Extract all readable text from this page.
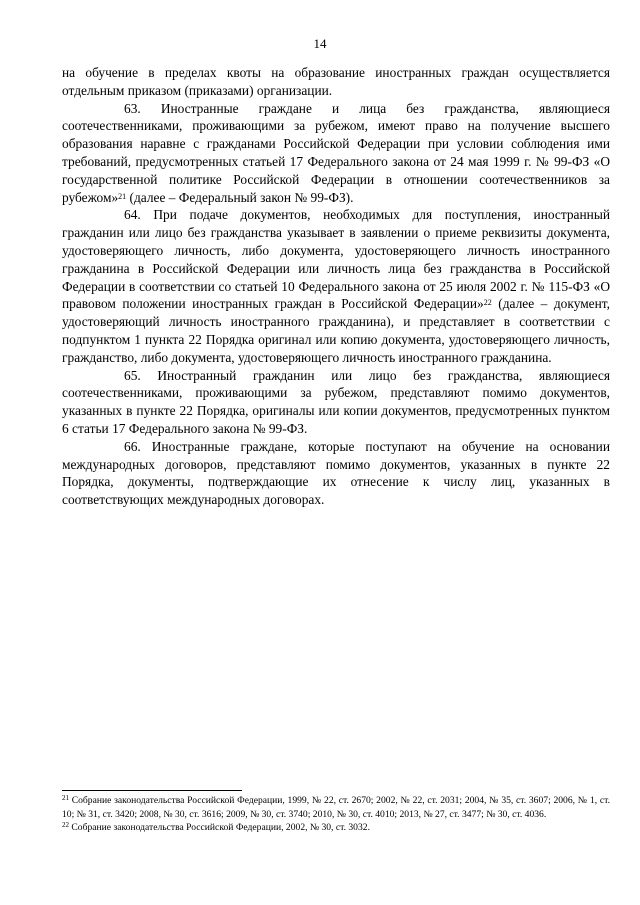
14

на обучение в пределах квоты на образование иностранных граждан осуществляется отдельным приказом (приказами) организации.

63. Иностранные граждане и лица без гражданства, являющиеся соотечественниками, проживающими за рубежом, имеют право на получение высшего образования наравне с гражданами Российской Федерации при условии соблюдения ими требований, предусмотренных статьей 17 Федерального закона от 24 мая 1999 г. № 99-ФЗ «О государственной политике Российской Федерации в отношении соотечественников за рубежом»$^{21}$ (далее – Федеральный закон № 99-ФЗ).

64. При подаче документов, необходимых для поступления, иностранный гражданин или лицо без гражданства указывает в заявлении о приеме реквизиты документа, удостоверяющего личность, либо документа, удостоверяющего личность иностранного гражданина в Российской Федерации или личность лица без гражданства в Российской Федерации в соответствии со статьей 10 Федерального закона от 25 июля 2002 г. № 115-ФЗ «О правовом положении иностранных граждан в Российской Федерации»$^{22}$ (далее – документ, удостоверяющий личность иностранного гражданина), и представляет в соответствии с подпунктом 1 пункта 22 Порядка оригинал или копию документа, удостоверяющего личность, гражданство, либо документа, удостоверяющего личность иностранного гражданина.

65. Иностранный гражданин или лицо без гражданства, являющиеся соотечественниками, проживающими за рубежом, представляют помимо документов, указанных в пункте 22 Порядка, оригиналы или копии документов, предусмотренных пунктом 6 статьи 17 Федерального закона № 99-ФЗ.

66. Иностранные граждане, которые поступают на обучение на основании международных договоров, представляют помимо документов, указанных в пункте 22 Порядка, документы, подтверждающие их отнесение к числу лиц, указанных в соответствующих международных договорах.

$^{21}$ Собрание законодательства Российской Федерации, 1999, № 22, ст. 2670; 2002, № 22, ст. 2031; 2004, № 35, ст. 3607; 2006, № 1, ст. 10; № 31, ст. 3420; 2008, № 30, ст. 3616; 2009, № 30, ст. 3740; 2010, № 30, ст. 4010; 2013, № 27, ст. 3477; № 30, ст. 4036.

$^{22}$ Собрание законодательства Российской Федерации, 2002, № 30, ст. 3032.
